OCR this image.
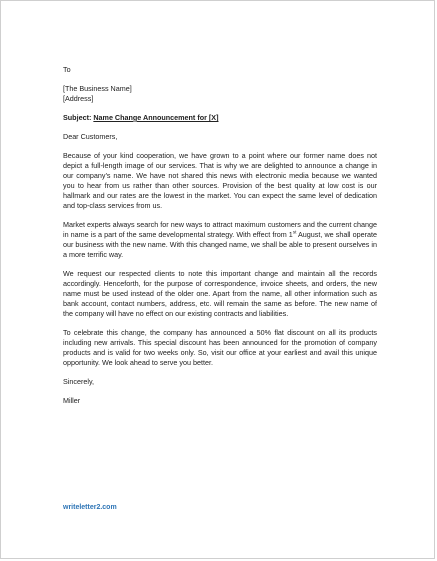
To
[The Business Name]
[Address]
Subject: Name Change Announcement for [X]

Dear Customers,

Because of your kind cooperation, we have grown to a point where our former name does not depict a full-length image of our services. That is why we are delighted to announce a change in our company’s name. We have not shared this news with electronic media because we wanted you to hear from us rather than other sources. Provision of the best quality at low cost is our hallmark and our rates are the lowest in the market. You can expect the same level of dedication and top-class services from us.

Market experts always search for new ways to attract maximum customers and the current change in name is a part of the same developmental strategy. With effect from 1st August, we shall operate our business with the new name. With this changed name, we shall be able to present ourselves in a more terrific way.

We request our respected clients to note this important change and maintain all the records accordingly. Henceforth, for the purpose of correspondence, invoice sheets, and orders, the new name must be used instead of the older one. Apart from the name, all other information such as bank account, contact numbers, address, etc. will remain the same as before. The new name of the company will have no effect on our existing contracts and liabilities.

To celebrate this change, the company has announced a 50% flat discount on all its products including new arrivals. This special discount has been announced for the promotion of company products and is valid for two weeks only. So, visit our office at your earliest and avail this unique opportunity. We look ahead to serve you better.

Sincerely,

Miller

writeletter2.com
